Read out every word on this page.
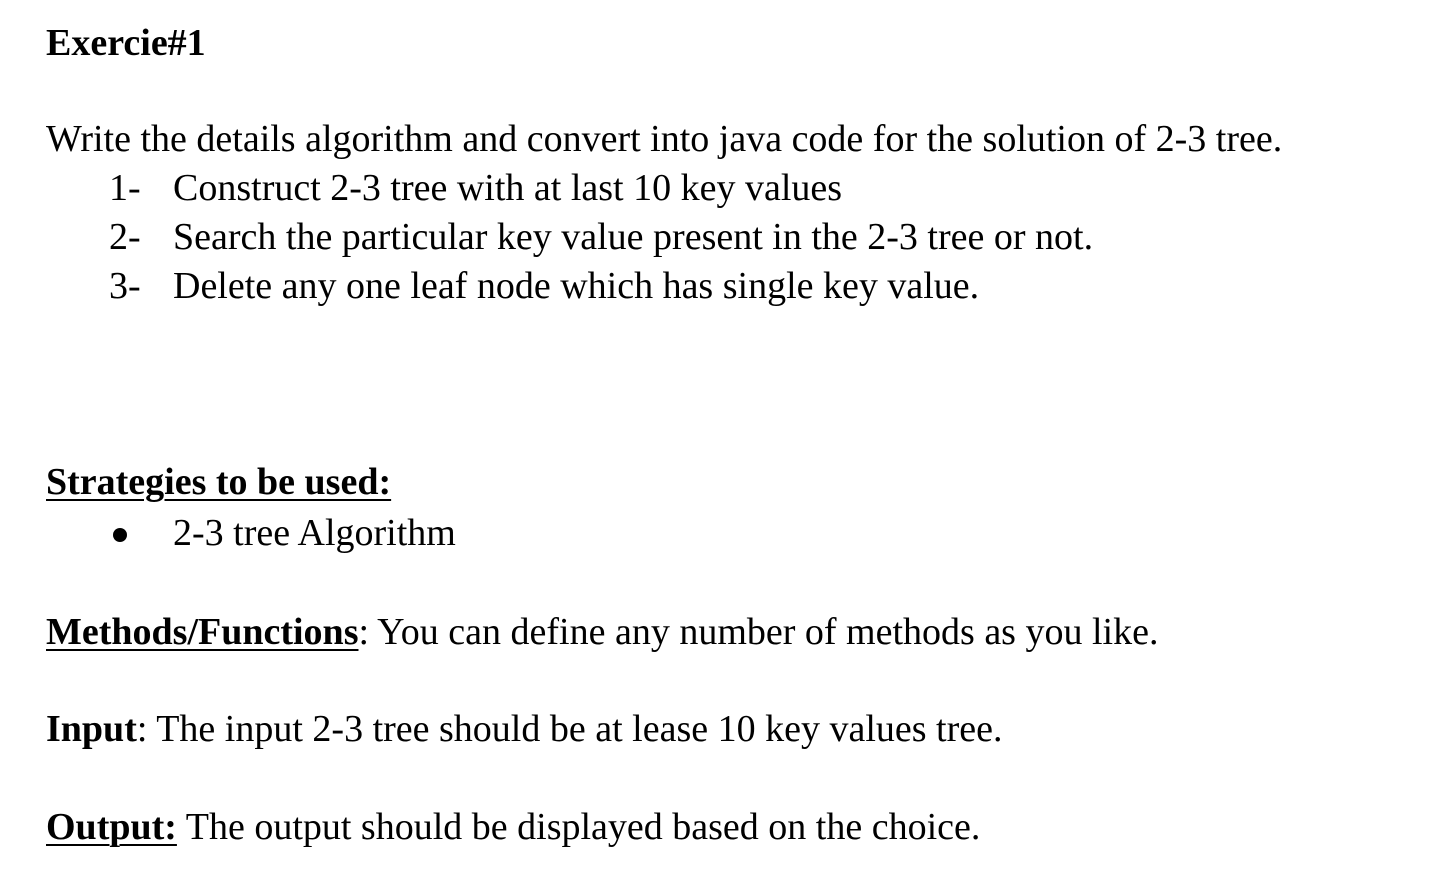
Exercie#1
Write the details algorithm and convert into java code for the solution of 2-3 tree.
1- Construct 2-3 tree with at last 10 key values
2- Search the particular key value present in the 2-3 tree or not.
3- Delete any one leaf node which has single key value.
Strategies to be used:
2-3 tree Algorithm
Methods/Functions: You can define any number of methods as you like.
Input: The input 2-3 tree should be at lease 10 key values tree.
Output: The output should be displayed based on the choice.
